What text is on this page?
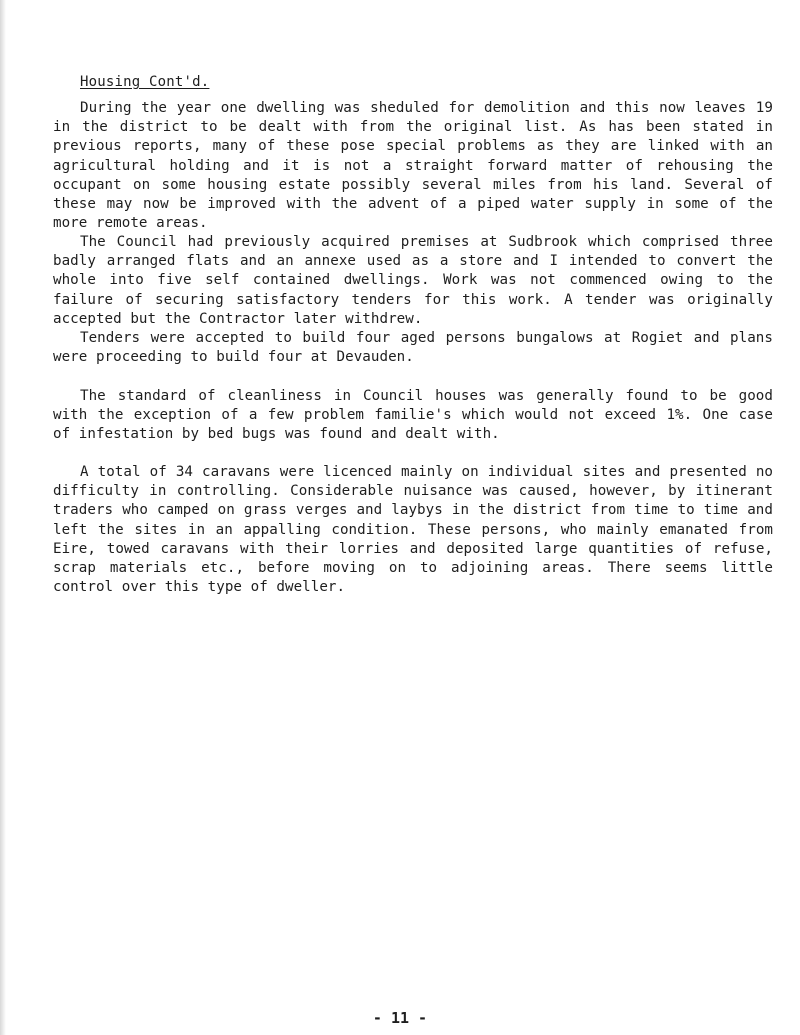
Housing Cont'd.

During the year one dwelling was sheduled for demolition and this now leaves 19 in the district to be dealt with from the original list. As has been stated in previous reports, many of these pose special problems as they are linked with an agricultural holding and it is not a straight forward matter of rehousing the occupant on some housing estate possibly several miles from his land. Several of these may now be improved with the advent of a piped water supply in some of the more remote areas.

The Council had previously acquired premises at Sudbrook which comprised three badly arranged flats and an annexe used as a store and I intended to convert the whole into five self contained dwellings. Work was not commenced owing to the failure of securing satisfactory tenders for this work. A tender was originally accepted but the Contractor later withdrew.

Tenders were accepted to build four aged persons bungalows at Rogiet and plans were proceeding to build four at Devauden.

The standard of cleanliness in Council houses was generally found to be good with the exception of a few problem familie's which would not exceed 1%. One case of infestation by bed bugs was found and dealt with.

A total of 34 caravans were licenced mainly on individual sites and presented no difficulty in controlling. Considerable nuisance was caused, however, by itinerant traders who camped on grass verges and laybys in the district from time to time and left the sites in an appalling condition. These persons, who mainly emanated from Eire, towed caravans with their lorries and deposited large quantities of refuse, scrap materials etc., before moving on to adjoining areas. There seems little control over this type of dweller.

- 11 -
